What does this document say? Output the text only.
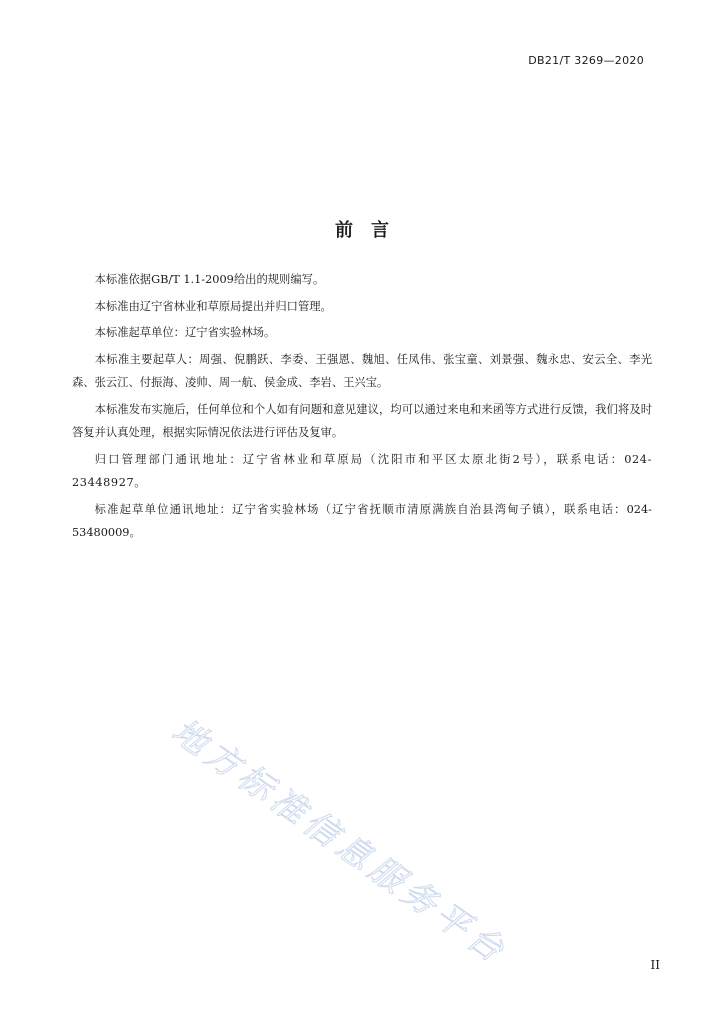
DB21/T 3269—2020
前言

本标准依据GB/T 1.1-2009给出的规则编写。

本标准由辽宁省林业和草原局提出并归口管理。

本标准起草单位：辽宁省实验林场。

本标准主要起草人：周强、倪鹏跃、李委、王强恩、魏旭、任凤伟、张宝童、刘景强、魏永忠、安云全、李光森、张云江、付振海、凌帅、周一航、侯金成、李岩、王兴宝。

本标准发布实施后，任何单位和个人如有问题和意见建议，均可以通过来电和来函等方式进行反馈，我们将及时答复并认真处理，根据实际情况依法进行评估及复审。

归口管理部门通讯地址：辽宁省林业和草原局（沈阳市和平区太原北街2号），联系电话：024-23448927。

标准起草单位通讯地址：辽宁省实验林场（辽宁省抚顺市清原满族自治县湾甸子镇），联系电话：024-53480009。

地方标准信息服务平台	II
